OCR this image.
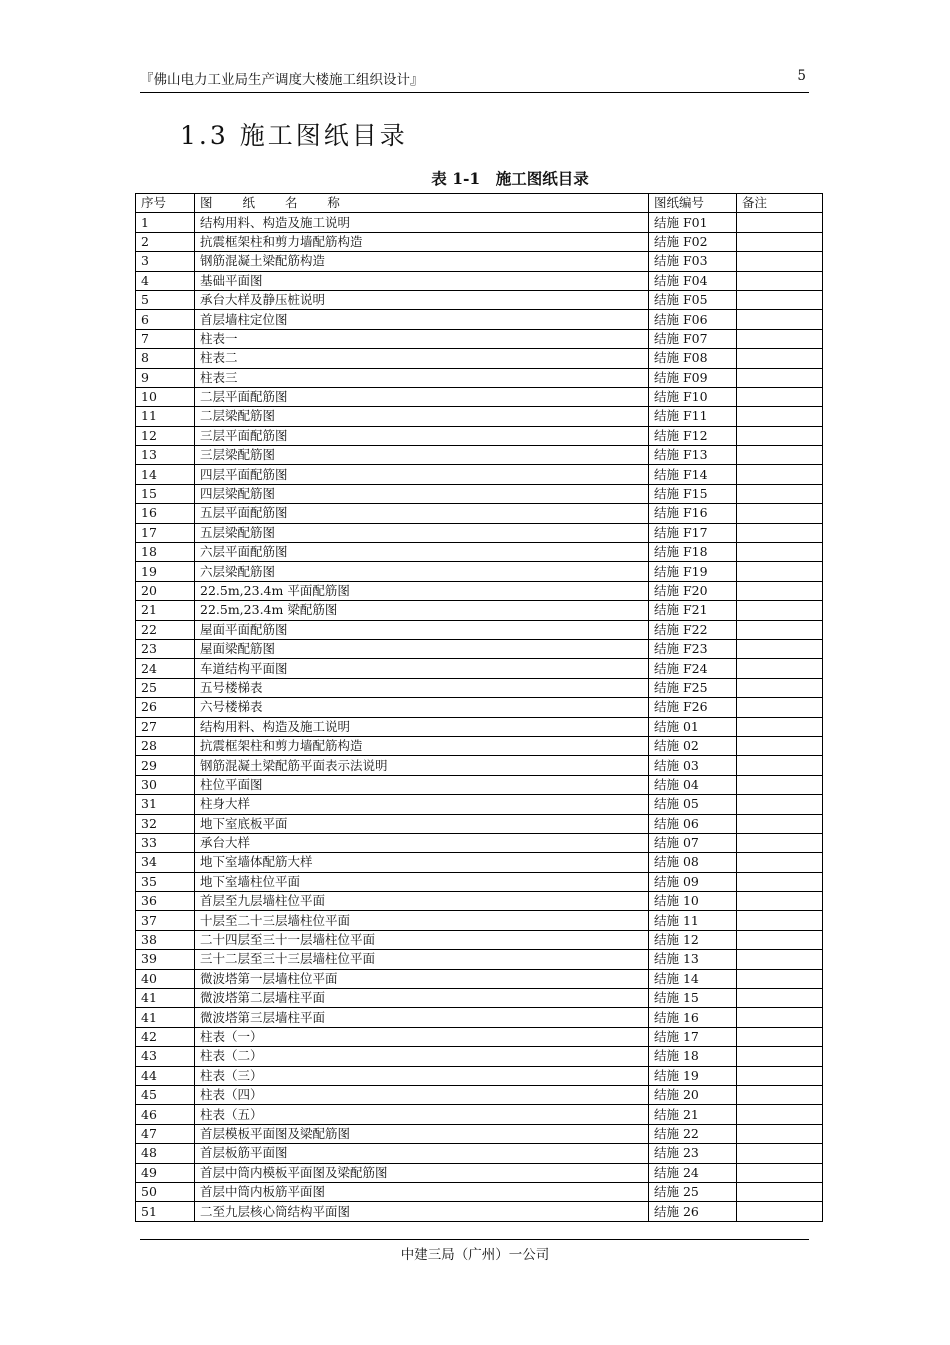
『佛山电力工业局生产调度大楼施工组织设计』	5
1.3 施工图纸目录
表 1-1　施工图纸目录
序号	图 纸 名 称	图纸编号	备注
1	结构用料、构造及施工说明	结施 F01	
2	抗震框架柱和剪力墙配筋构造	结施 F02	
3	钢筋混凝土梁配筋构造	结施 F03	
4	基础平面图	结施 F04	
5	承台大样及静压桩说明	结施 F05	
6	首层墙柱定位图	结施 F06	
7	柱表一	结施 F07	
8	柱表二	结施 F08	
9	柱表三	结施 F09	
10	二层平面配筋图	结施 F10	
11	二层梁配筋图	结施 F11	
12	三层平面配筋图	结施 F12	
13	三层梁配筋图	结施 F13	
14	四层平面配筋图	结施 F14	
15	四层梁配筋图	结施 F15	
16	五层平面配筋图	结施 F16	
17	五层梁配筋图	结施 F17	
18	六层平面配筋图	结施 F18	
19	六层梁配筋图	结施 F19	
20	22.5m,23.4m 平面配筋图	结施 F20	
21	22.5m,23.4m 梁配筋图	结施 F21	
22	屋面平面配筋图	结施 F22	
23	屋面梁配筋图	结施 F23	
24	车道结构平面图	结施 F24	
25	五号楼梯表	结施 F25	
26	六号楼梯表	结施 F26	
27	结构用料、构造及施工说明	结施 01	
28	抗震框架柱和剪力墙配筋构造	结施 02	
29	钢筋混凝土梁配筋平面表示法说明	结施 03	
30	柱位平面图	结施 04	
31	柱身大样	结施 05	
32	地下室底板平面	结施 06	
33	承台大样	结施 07	
34	地下室墙体配筋大样	结施 08	
35	地下室墙柱位平面	结施 09	
36	首层至九层墙柱位平面	结施 10	
37	十层至二十三层墙柱位平面	结施 11	
38	二十四层至三十一层墙柱位平面	结施 12	
39	三十二层至三十三层墙柱位平面	结施 13	
40	微波塔第一层墙柱位平面	结施 14	
41	微波塔第二层墙柱平面	结施 15	
41	微波塔第三层墙柱平面	结施 16	
42	柱表（一）	结施 17	
43	柱表（二）	结施 18	
44	柱表（三）	结施 19	
45	柱表（四）	结施 20	
46	柱表（五）	结施 21	
47	首层模板平面图及梁配筋图	结施 22	
48	首层板筋平面图	结施 23	
49	首层中筒内模板平面图及梁配筋图	结施 24	
50	首层中筒内板筋平面图	结施 25	
51	二至九层核心筒结构平面图	结施 26	
中建三局（广州）一公司
